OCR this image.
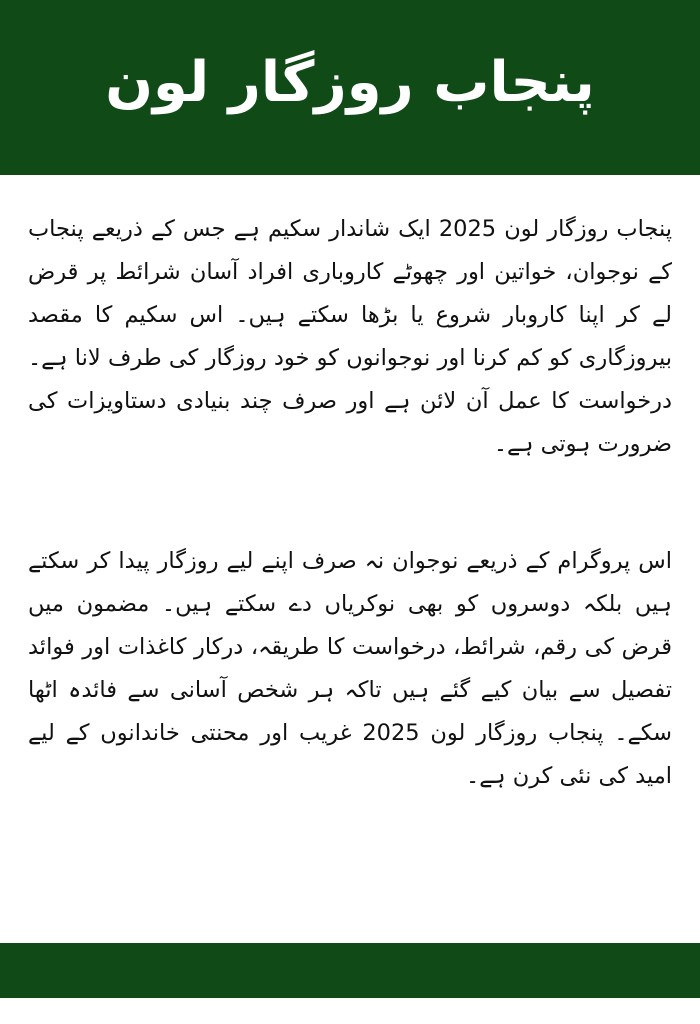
پنجاب روزگار لون

پنجاب روزگار لون 2025 ایک شاندار سکیم ہے جس کے ذریعے پنجاب کے نوجوان، خواتین اور چھوٹے کاروباری افراد آسان شرائط پر قرض لے کر اپنا کاروبار شروع یا بڑھا سکتے ہیں۔ اس سکیم کا مقصد بیروزگاری کو کم کرنا اور نوجوانوں کو خود روزگار کی طرف لانا ہے۔ درخواست کا عمل آن لائن ہے اور صرف چند بنیادی دستاویزات کی ضرورت ہوتی ہے۔

اس پروگرام کے ذریعے نوجوان نہ صرف اپنے لیے روزگار پیدا کر سکتے ہیں بلکہ دوسروں کو بھی نوکریاں دے سکتے ہیں۔ مضمون میں قرض کی رقم، شرائط، درخواست کا طریقہ، درکار کاغذات اور فوائد تفصیل سے بیان کیے گئے ہیں تاکہ ہر شخص آسانی سے فائدہ اٹھا سکے۔ پنجاب روزگار لون 2025 غریب اور محنتی خاندانوں کے لیے امید کی نئی کرن ہے۔
